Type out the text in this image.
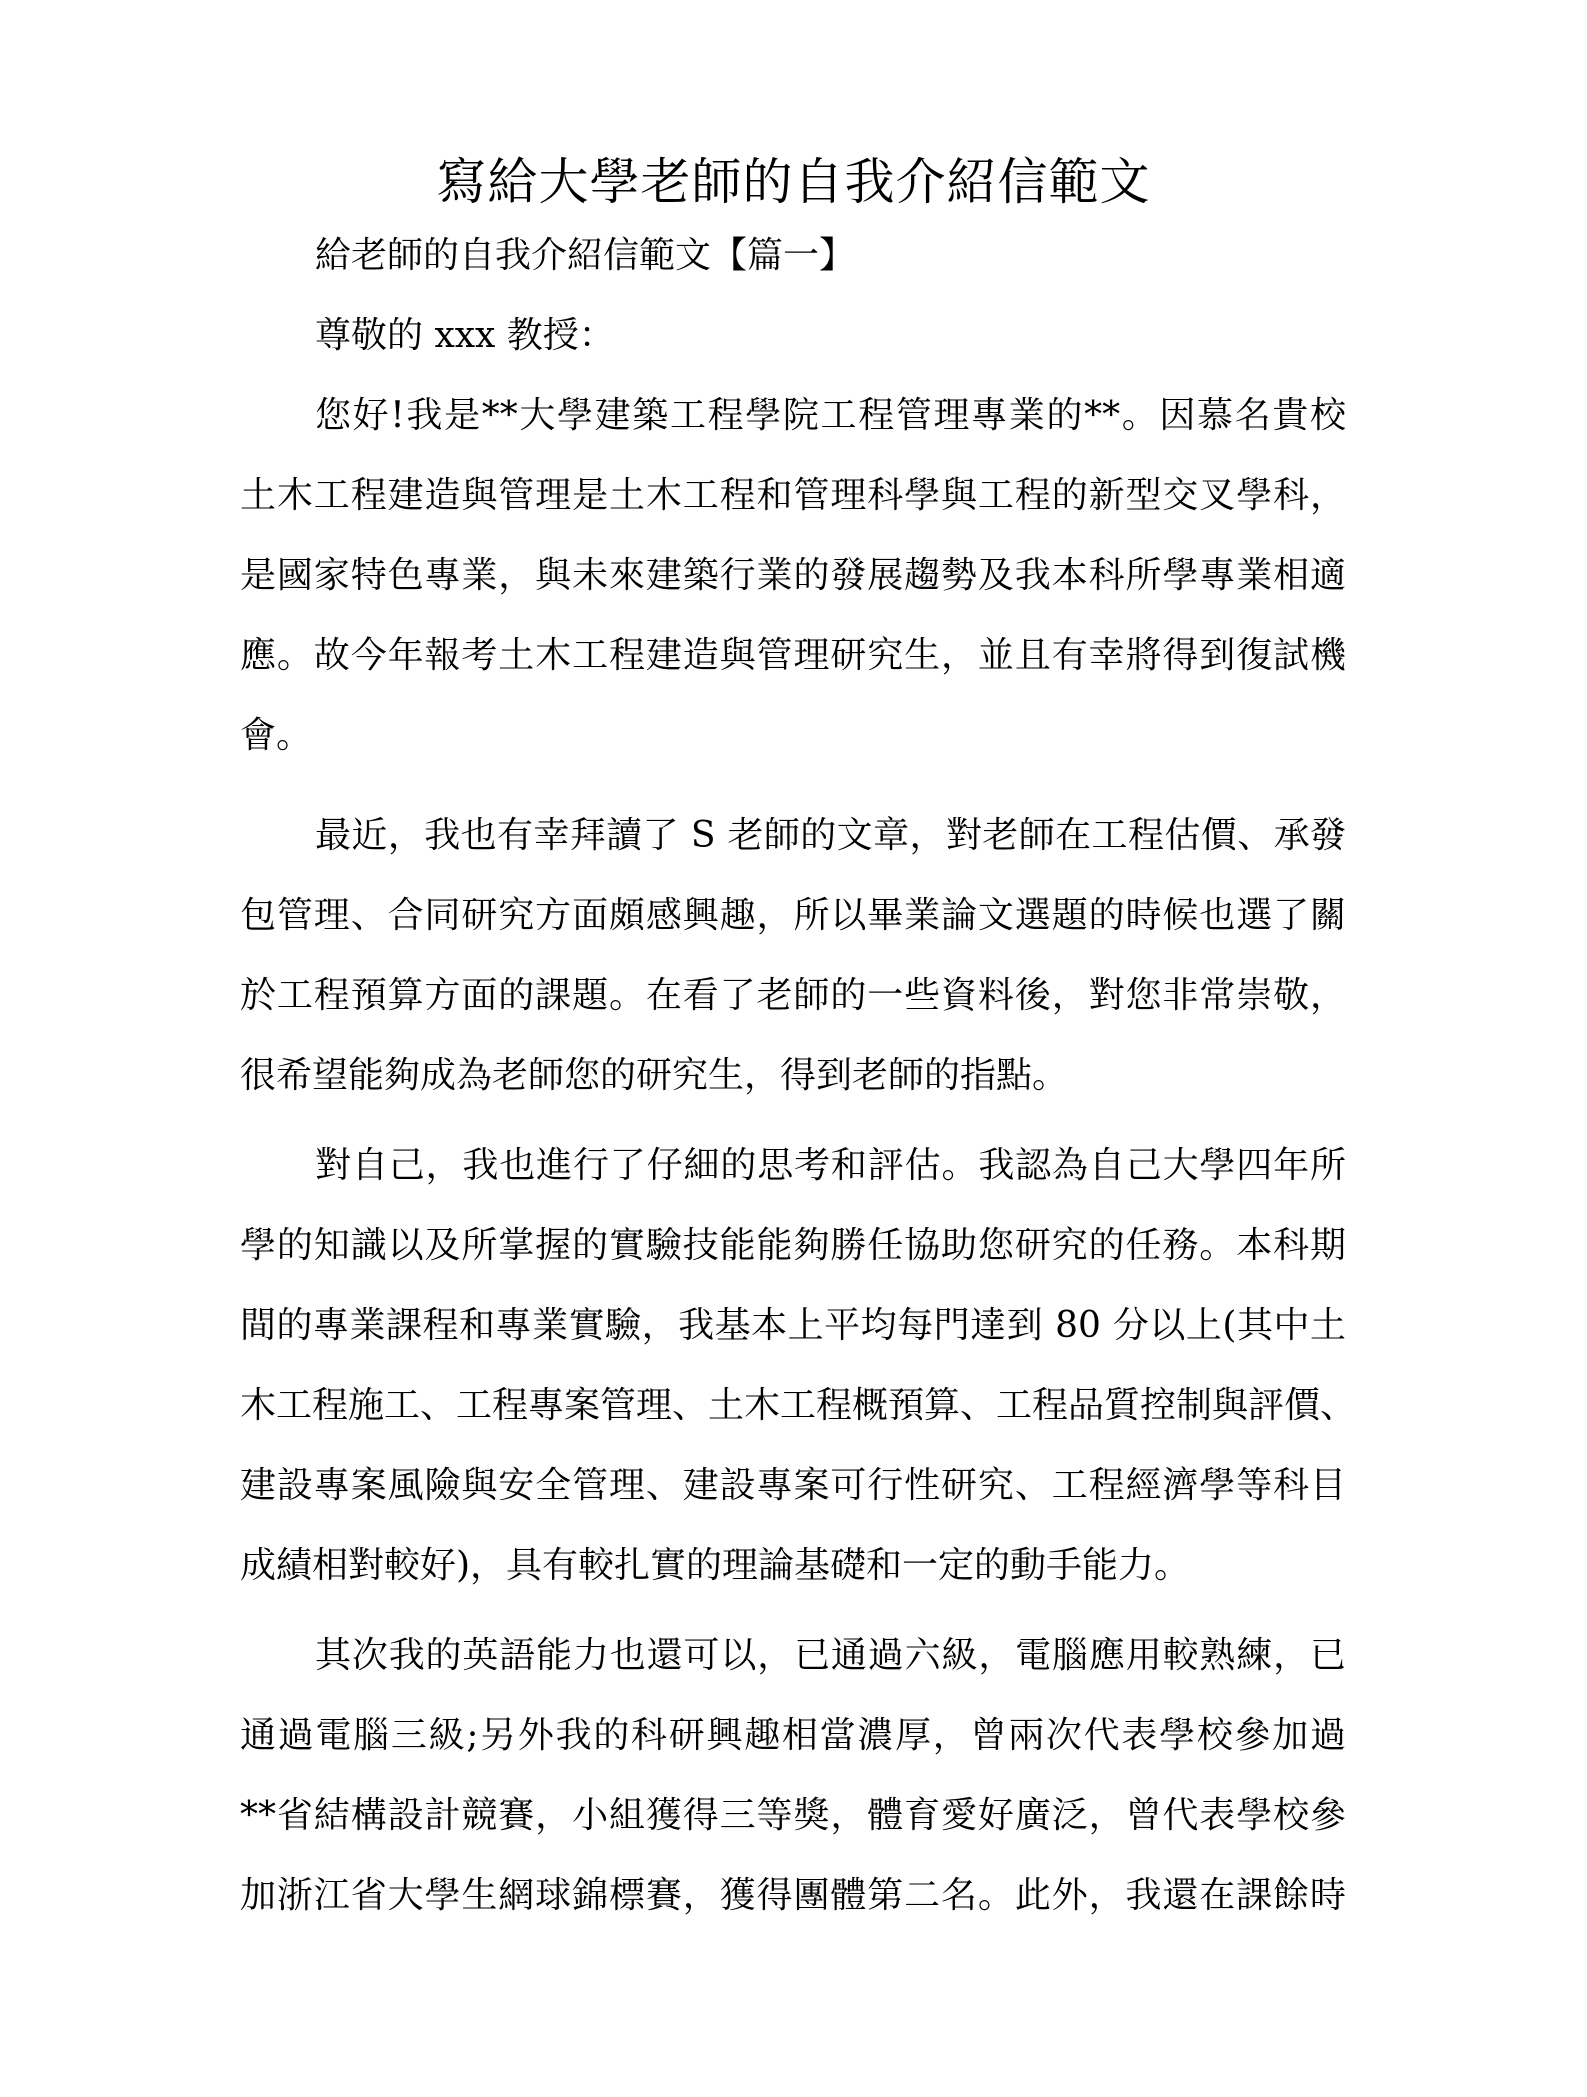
寫給大學老師的自我介紹信範文
給老師的自我介紹信範文【篇一】
尊敬的 xxx 教授：
您好!我是**大學建築工程學院工程管理專業的**。因慕名貴校
土木工程建造與管理是土木工程和管理科學與工程的新型交叉學科，
是國家特色專業，與未來建築行業的發展趨勢及我本科所學專業相適
應。故今年報考土木工程建造與管理研究生，並且有幸將得到復試機
會。
最近，我也有幸拜讀了 S 老師的文章，對老師在工程估價、承發
包管理、合同研究方面頗感興趣，所以畢業論文選題的時候也選了關
於工程預算方面的課題。在看了老師的一些資料後，對您非常崇敬，
很希望能夠成為老師您的研究生，得到老師的指點。
對自己，我也進行了仔細的思考和評估。我認為自己大學四年所
學的知識以及所掌握的實驗技能能夠勝任協助您研究的任務。本科期
間的專業課程和專業實驗，我基本上平均每門達到 80 分以上(其中土
木工程施工、工程專案管理、土木工程概預算、工程品質控制與評價、
建設專案風險與安全管理、建設專案可行性研究、工程經濟學等科目
成績相對較好)，具有較扎實的理論基礎和一定的動手能力。
其次我的英語能力也還可以，已通過六級，電腦應用較熟練，已
通過電腦三級;另外我的科研興趣相當濃厚，曾兩次代表學校參加過
**省結構設計競賽，小組獲得三等獎，體育愛好廣泛，曾代表學校參
加浙江省大學生網球錦標賽，獲得團體第二名。此外，我還在課餘時
